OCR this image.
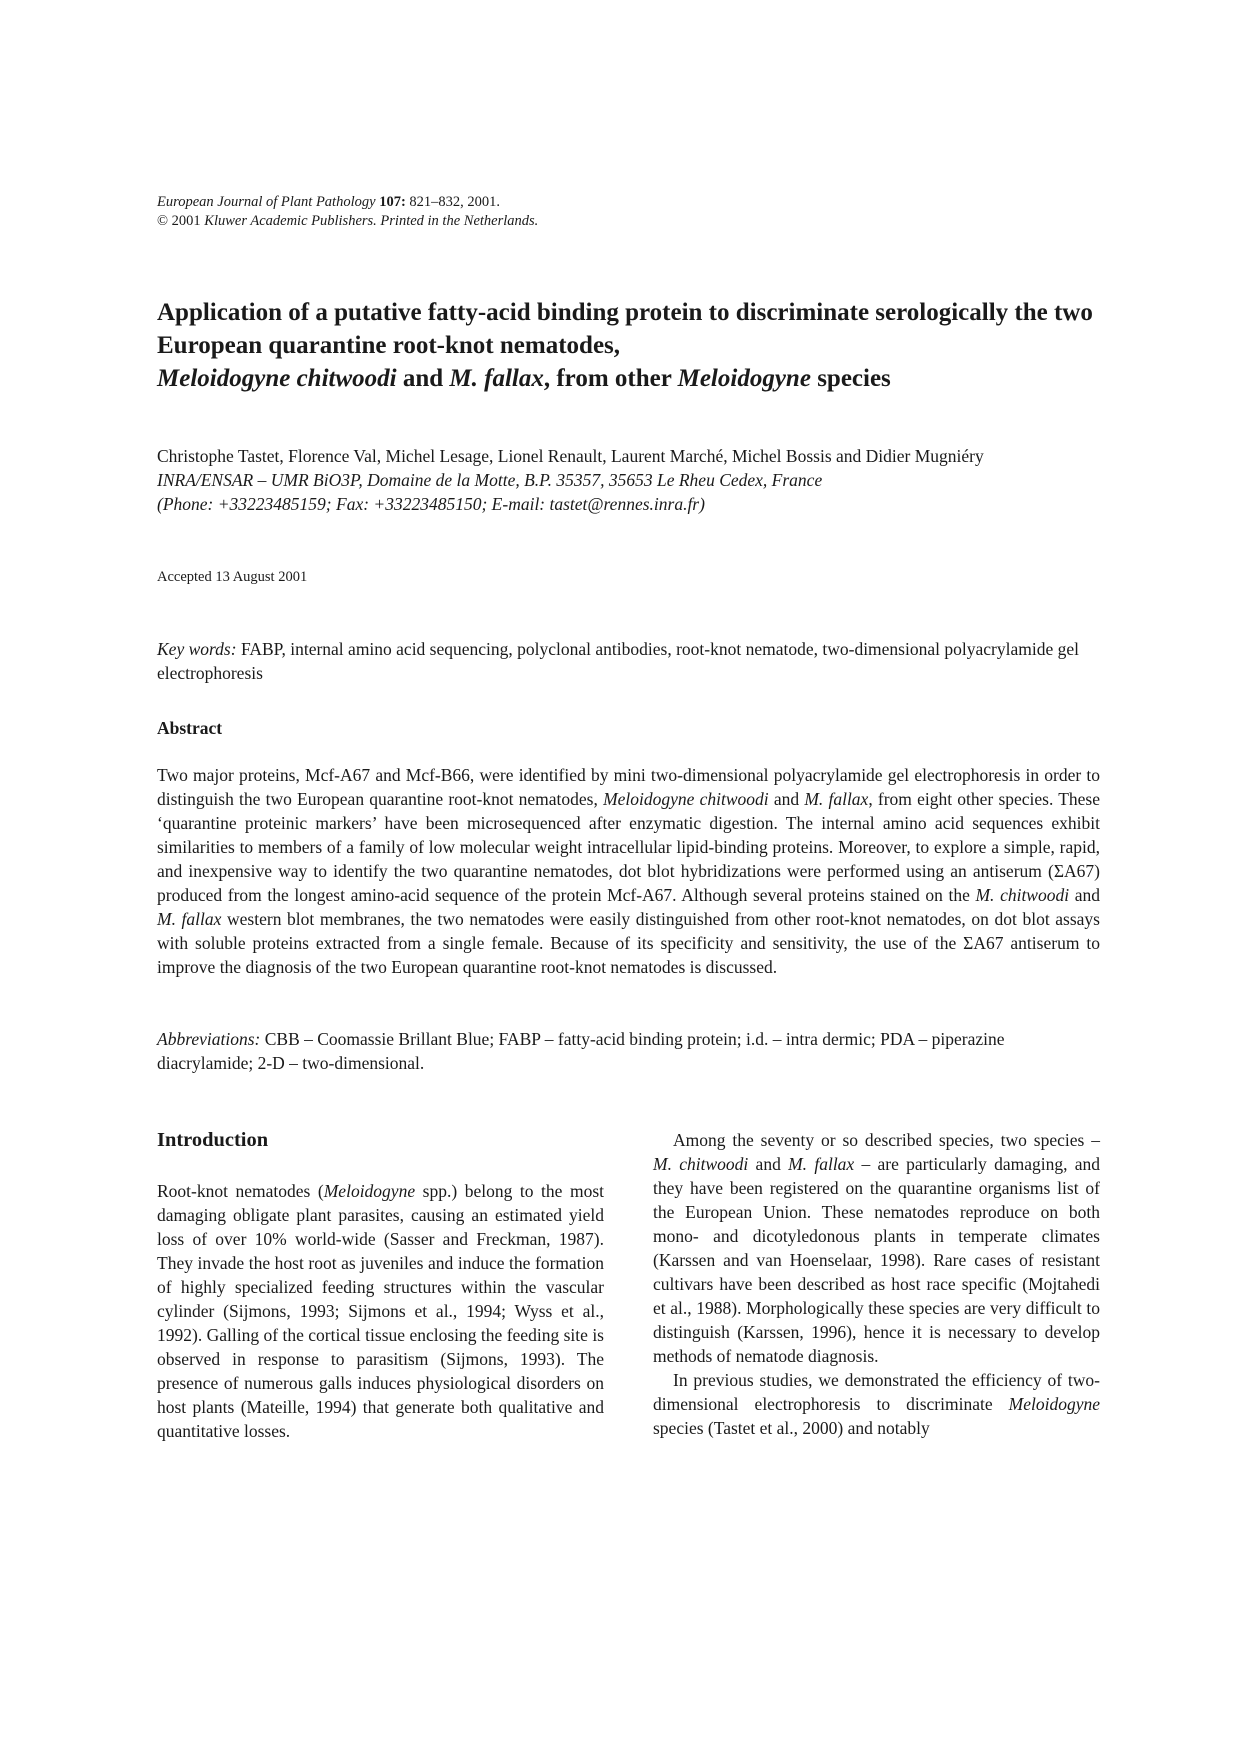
European Journal of Plant Pathology 107: 821–832, 2001.
© 2001 Kluwer Academic Publishers. Printed in the Netherlands.
Application of a putative fatty-acid binding protein to discriminate serologically the two European quarantine root-knot nematodes,
Meloidogyne chitwoodi and M. fallax, from other Meloidogyne species
Christophe Tastet, Florence Val, Michel Lesage, Lionel Renault, Laurent Marché, Michel Bossis and Didier Mugniéry
INRA/ENSAR – UMR BiO3P, Domaine de la Motte, B.P. 35357, 35653 Le Rheu Cedex, France
(Phone: +33223485159; Fax: +33223485150; E-mail: tastet@rennes.inra.fr)
Accepted 13 August 2001

Key words: FABP, internal amino acid sequencing, polyclonal antibodies, root-knot nematode, two-dimensional polyacrylamide gel electrophoresis

Abstract

Two major proteins, Mcf-A67 and Mcf-B66, were identified by mini two-dimensional polyacrylamide gel electrophoresis in order to distinguish the two European quarantine root-knot nematodes, Meloidogyne chitwoodi and M. fallax, from eight other species. These ‘quarantine proteinic markers’ have been microsequenced after enzymatic digestion. The internal amino acid sequences exhibit similarities to members of a family of low molecular weight intracellular lipid-binding proteins. Moreover, to explore a simple, rapid, and inexpensive way to identify the two quarantine nematodes, dot blot hybridizations were performed using an antiserum (ΣA67) produced from the longest amino-acid sequence of the protein Mcf-A67. Although several proteins stained on the M. chitwoodi and M. fallax western blot membranes, the two nematodes were easily distinguished from other root-knot nematodes, on dot blot assays with soluble proteins extracted from a single female. Because of its specificity and sensitivity, the use of the ΣA67 antiserum to improve the diagnosis of the two European quarantine root-knot nematodes is discussed.

Abbreviations: CBB – Coomassie Brillant Blue; FABP – fatty-acid binding protein; i.d. – intra dermic; PDA – piperazine diacrylamide; 2-D – two-dimensional.

Introduction

Root-knot nematodes (Meloidogyne spp.) belong to the most damaging obligate plant parasites, causing an estimated yield loss of over 10% world-wide (Sasser and Freckman, 1987). They invade the host root as juveniles and induce the formation of highly specialized feeding structures within the vascular cylinder (Sijmons, 1993; Sijmons et al., 1994; Wyss et al., 1992). Galling of the cortical tissue enclosing the feeding site is observed in response to parasitism (Sijmons, 1993). The presence of numerous galls induces physiological disorders on host plants (Mateille, 1994) that generate both qualitative and quantitative losses.

Among the seventy or so described species, two species – M. chitwoodi and M. fallax – are particularly damaging, and they have been registered on the quarantine organisms list of the European Union. These nematodes reproduce on both mono- and dicotyledonous plants in temperate climates (Karssen and van Hoenselaar, 1998). Rare cases of resistant cultivars have been described as host race specific (Mojtahedi et al., 1988). Morphologically these species are very difficult to distinguish (Karssen, 1996), hence it is necessary to develop methods of nematode diagnosis.

In previous studies, we demonstrated the efficiency of two-dimensional electrophoresis to discriminate Meloidogyne species (Tastet et al., 2000) and notably
